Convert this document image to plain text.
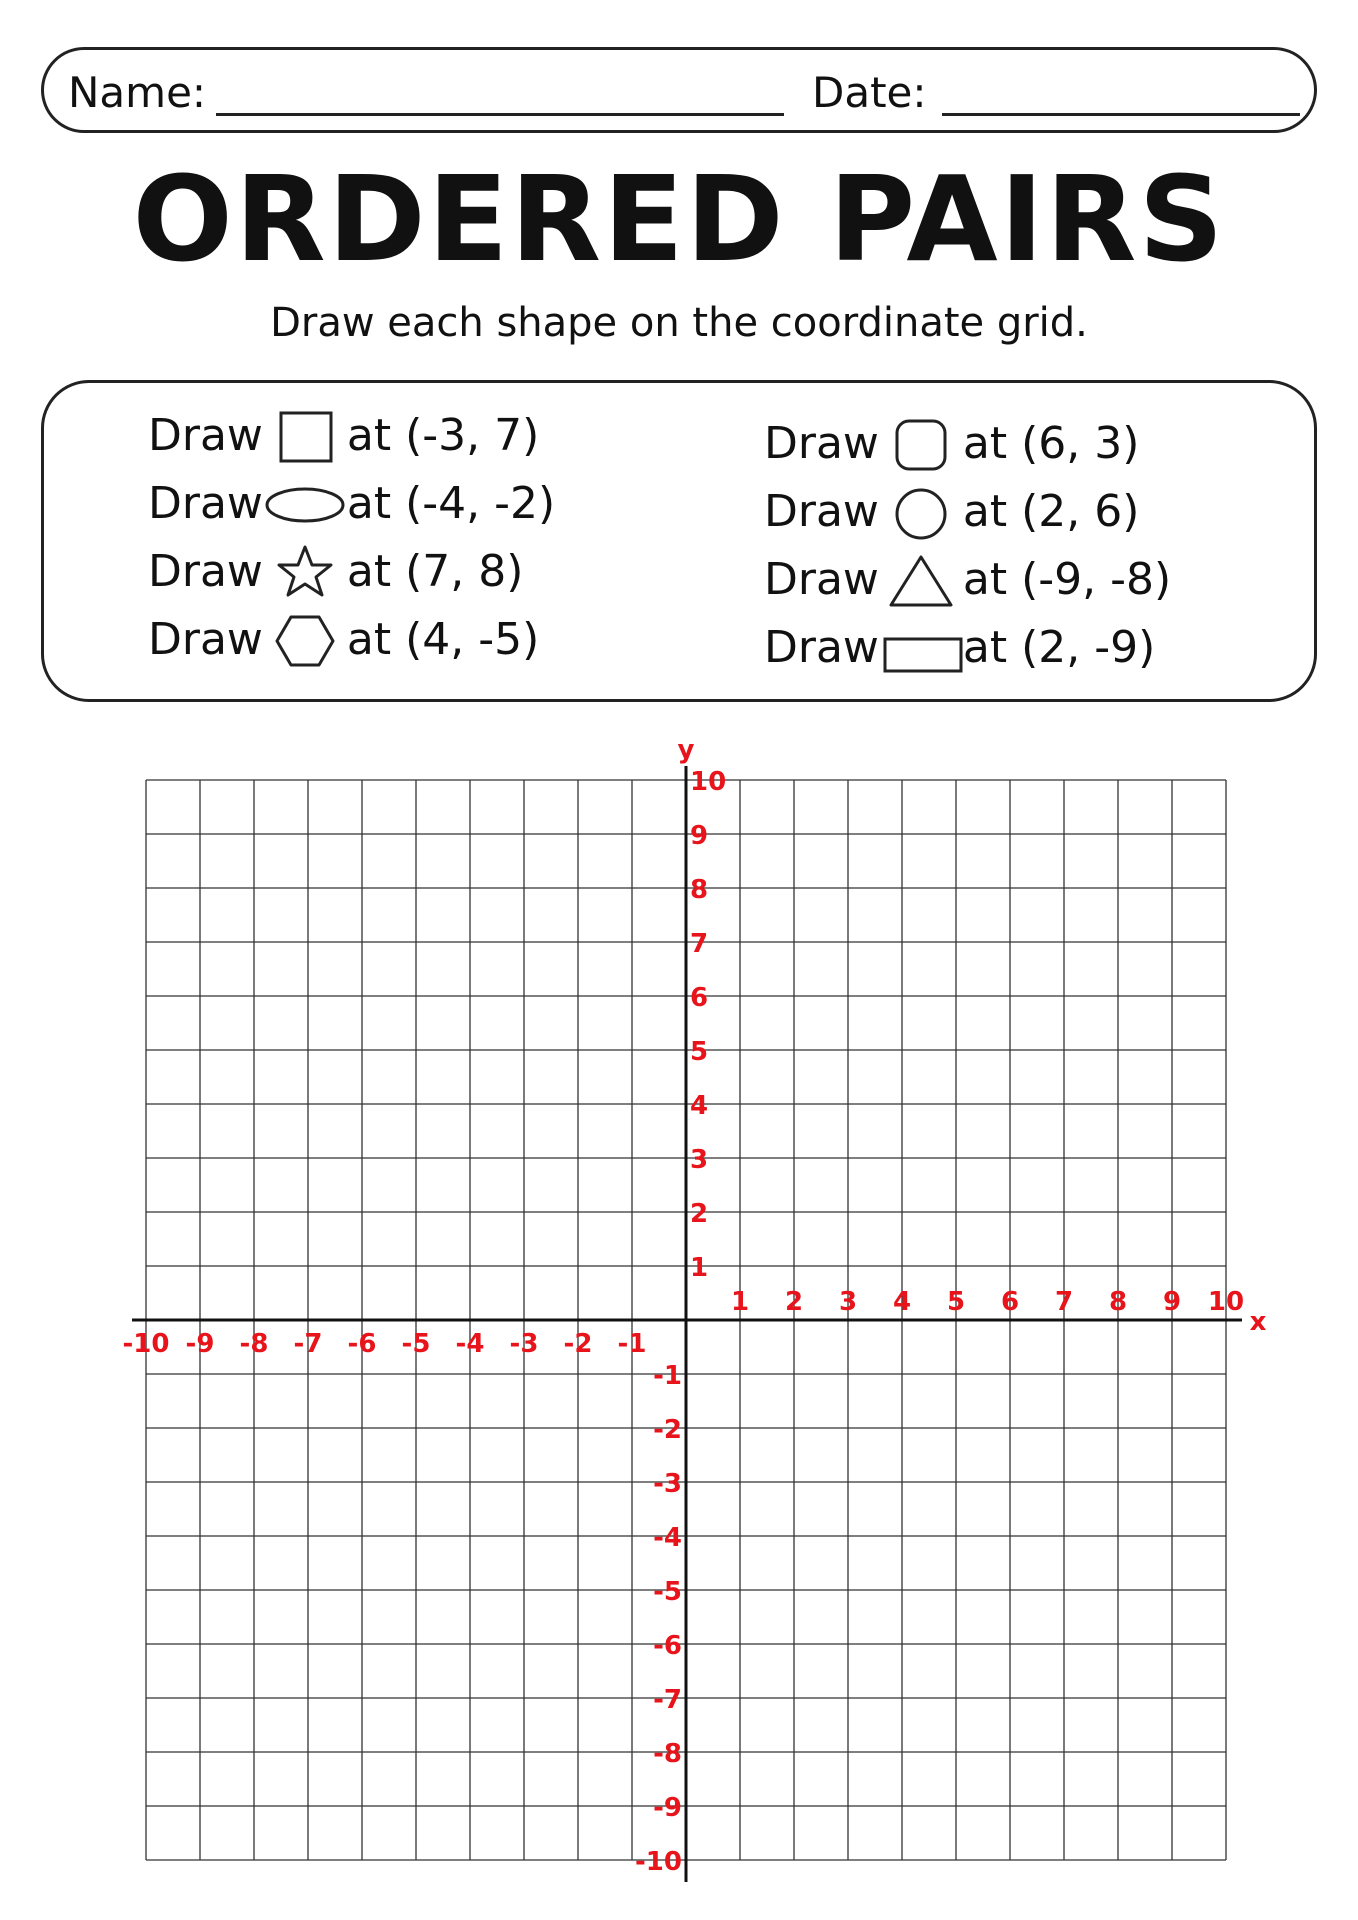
Name:	Date:
ORDERED PAIRS
Draw each shape on the coordinate grid.
Draw at (-3, 7)
Draw at (-4, -2)
Draw at (7, 8)
Draw at (4, -5)
Draw at (6, 3)
Draw at (2, 6)
Draw at (-9, -8)
Draw at (2, -9)
-10 -9 -8 -7 -6 -5 -4 -3 -2 -1
1 2 3 4 5 6 7 8 9 10
10
9
8
7
6
5
4
3
2
1
-1
-2
-3
-4
-5
-6
-7
-8
-9
-10
x
y
